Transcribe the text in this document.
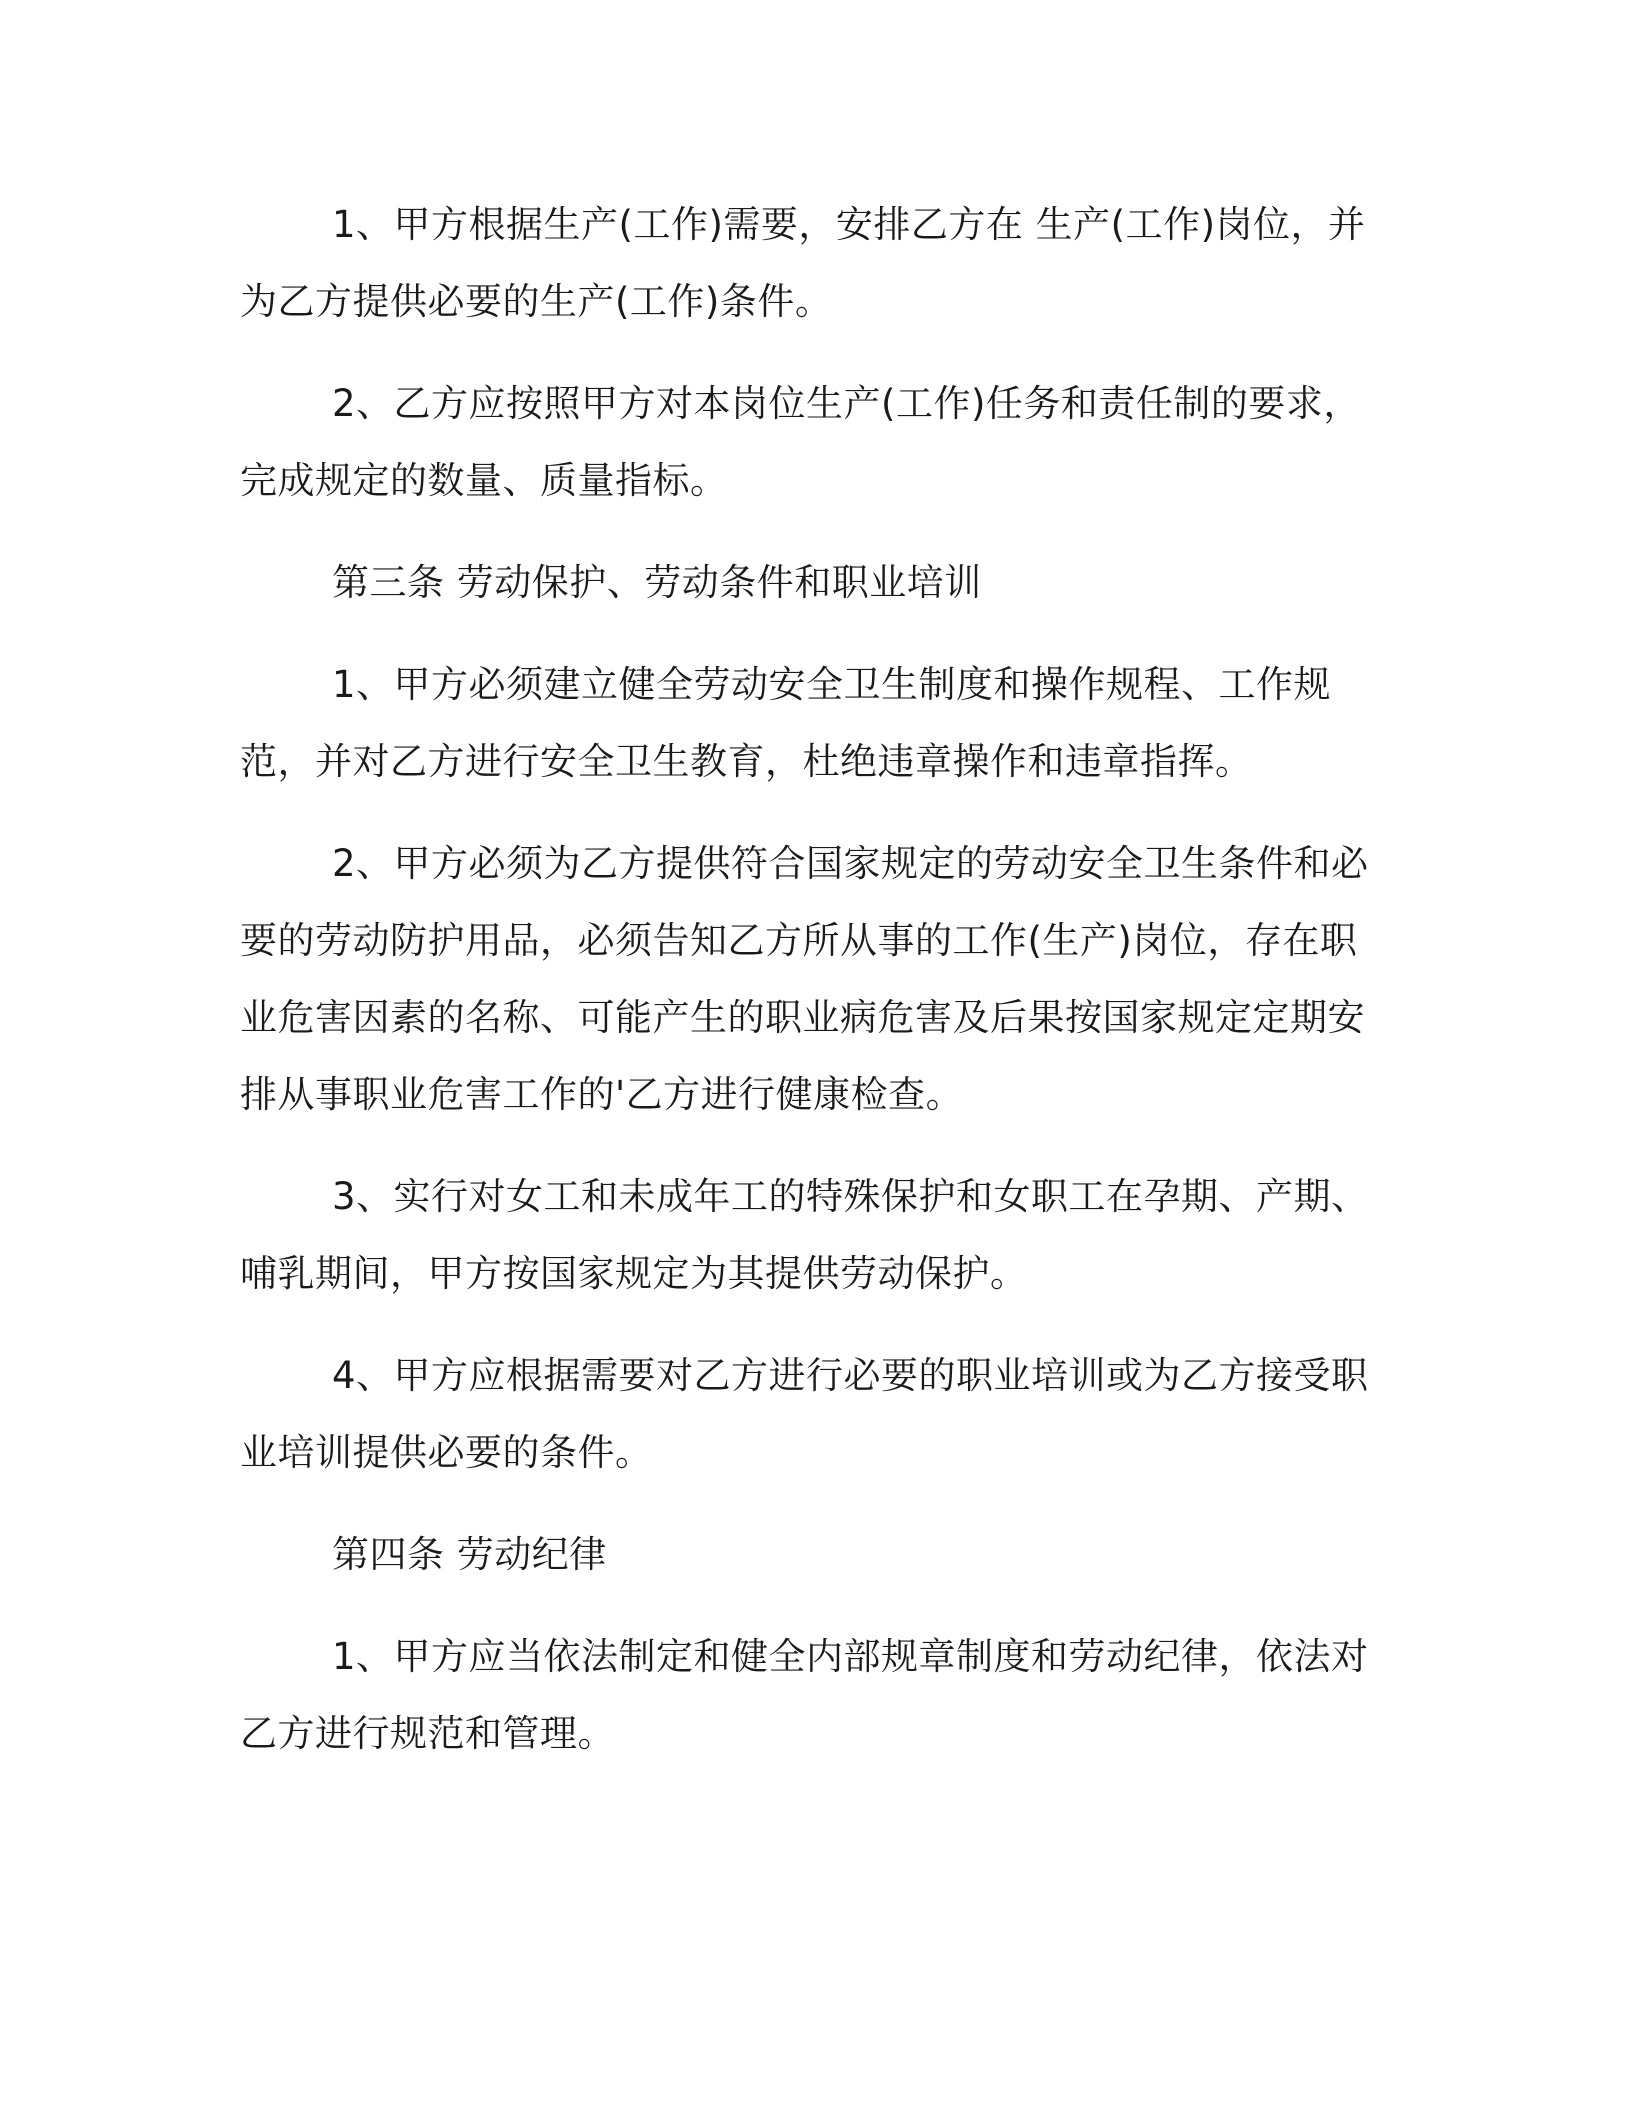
1、甲方根据生产(工作)需要，安排乙方在 生产(工作)岗位，并为乙方提供必要的生产(工作)条件。

2、乙方应按照甲方对本岗位生产(工作)任务和责任制的要求，完成规定的数量、质量指标。

第三条 劳动保护、劳动条件和职业培训

1、甲方必须建立健全劳动安全卫生制度和操作规程、工作规范，并对乙方进行安全卫生教育，杜绝违章操作和违章指挥。

2、甲方必须为乙方提供符合国家规定的劳动安全卫生条件和必要的劳动防护用品，必须告知乙方所从事的工作(生产)岗位，存在职业危害因素的名称、可能产生的职业病危害及后果按国家规定定期安排从事职业危害工作的'乙方进行健康检查。

3、实行对女工和未成年工的特殊保护和女职工在孕期、产期、哺乳期间，甲方按国家规定为其提供劳动保护。

4、甲方应根据需要对乙方进行必要的职业培训或为乙方接受职业培训提供必要的条件。

第四条 劳动纪律

1、甲方应当依法制定和健全内部规章制度和劳动纪律，依法对乙方进行规范和管理。
